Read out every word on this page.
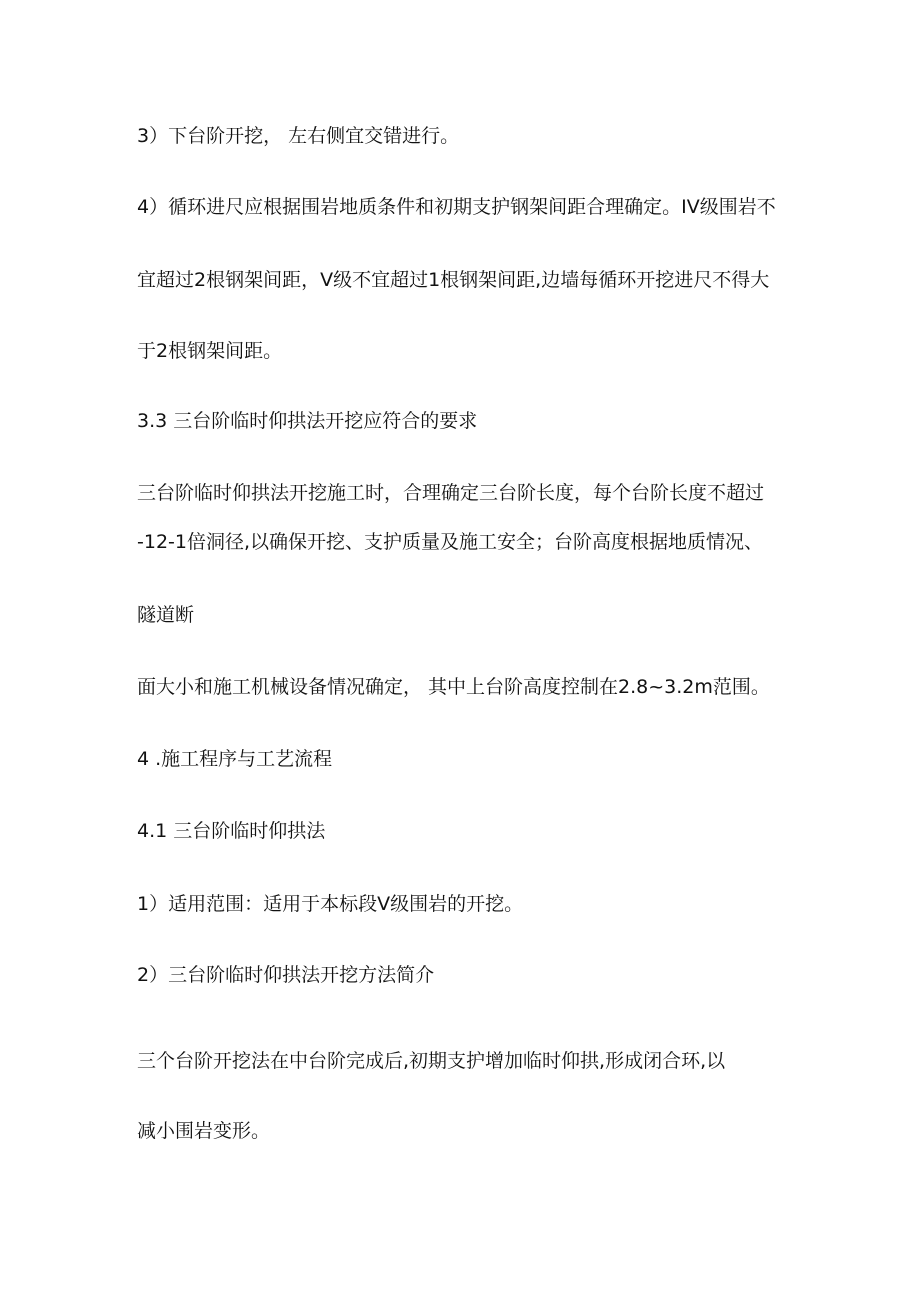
3）下台阶开挖， 左右侧宜交错进行。

4）循环进尺应根据围岩地质条件和初期支护钢架间距合理确定。IV级围岩不

宜超过2根钢架间距，V级不宜超过1根钢架间距,边墙每循环开挖进尺不得大

于2根钢架间距。

3.3 三台阶临时仰拱法开挖应符合的要求

三台阶临时仰拱法开挖施工时，合理确定三台阶长度，每个台阶长度不超过

-12-1倍洞径,以确保开挖、支护质量及施工安全；台阶高度根据地质情况、

隧道断

面大小和施工机械设备情况确定， 其中上台阶高度控制在2.8~3.2m范围。

4 .施工程序与工艺流程

4.1 三台阶临时仰拱法

1）适用范围：适用于本标段V级围岩的开挖。

2）三台阶临时仰拱法开挖方法简介

三个台阶开挖法在中台阶完成后,初期支护增加临时仰拱,形成闭合环,以

减小围岩变形。
